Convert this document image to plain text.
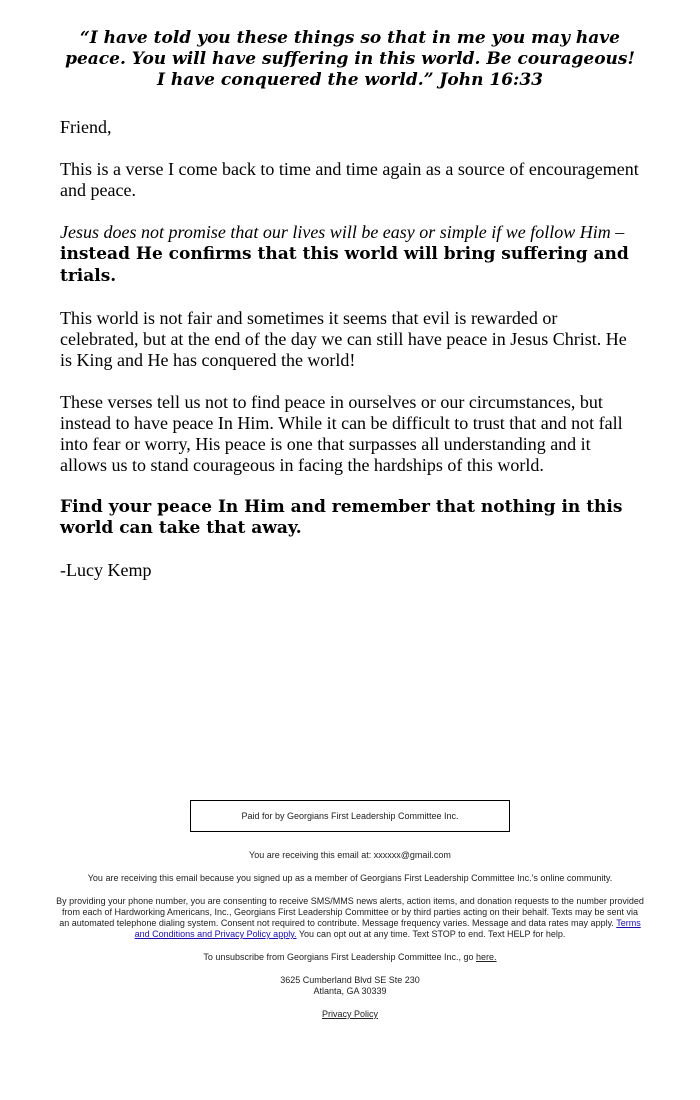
“I have told you these things so that in me you may have peace. You will have suffering in this world. Be courageous! I have conquered the world.” John 16:33

Friend,

This is a verse I come back to time and time again as a source of encouragement and peace.

Jesus does not promise that our lives will be easy or simple if we follow Him – instead He confirms that this world will bring suffering and trials.

This world is not fair and sometimes it seems that evil is rewarded or celebrated, but at the end of the day we can still have peace in Jesus Christ. He is King and He has conquered the world!

These verses tell us not to find peace in ourselves or our circumstances, but instead to have peace In Him. While it can be difficult to trust that and not fall into fear or worry, His peace is one that surpasses all understanding and it allows us to stand courageous in facing the hardships of this world.

Find your peace In Him and remember that nothing in this world can take that away.

-Lucy Kemp

Paid for by Georgians First Leadership Committee Inc.

You are receiving this email at: xxxxxx@gmail.com

You are receiving this email because you signed up as a member of Georgians First Leadership Committee Inc.'s online community.

By providing your phone number, you are consenting to receive SMS/MMS news alerts, action items, and donation requests to the number provided from each of Hardworking Americans, Inc., Georgians First Leadership Committee or by third parties acting on their behalf. Texts may be sent via an automated telephone dialing system. Consent not required to contribute. Message frequency varies. Message and data rates may apply. Terms and Conditions and Privacy Policy apply. You can opt out at any time. Text STOP to end. Text HELP for help.

To unsubscribe from Georgians First Leadership Committee Inc., go here.

3625 Cumberland Blvd SE Ste 230
Atlanta, GA 30339

Privacy Policy
